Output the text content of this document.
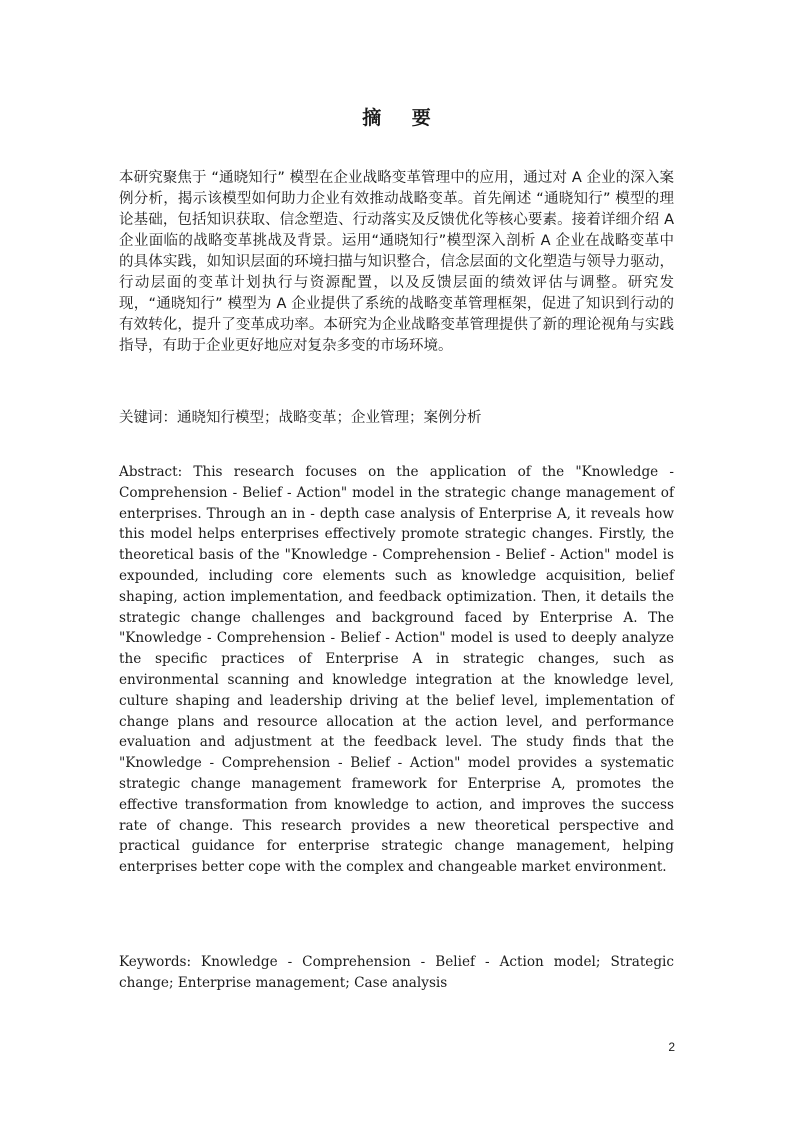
摘 要

本研究聚焦于 “通晓知行” 模型在企业战略变革管理中的应用，通过对 A 企业的深入案例分析，揭示该模型如何助力企业有效推动战略变革。首先阐述 “通晓知行” 模型的理论基础，包括知识获取、信念塑造、行动落实及反馈优化等核心要素。接着详细介绍 A 企业面临的战略变革挑战及背景。运用“通晓知行”模型深入剖析 A 企业在战略变革中的具体实践，如知识层面的环境扫描与知识整合，信念层面的文化塑造与领导力驱动，行动层面的变革计划执行与资源配置，以及反馈层面的绩效评估与调整。研究发现，“通晓知行” 模型为 A 企业提供了系统的战略变革管理框架，促进了知识到行动的有效转化，提升了变革成功率。本研究为企业战略变革管理提供了新的理论视角与实践指导，有助于企业更好地应对复杂多变的市场环境。

关键词：通晓知行模型；战略变革；企业管理；案例分析

Abstract: This research focuses on the application of the "Knowledge - Comprehension - Belief - Action" model in the strategic change management of enterprises. Through an in - depth case analysis of Enterprise A, it reveals how this model helps enterprises effectively promote strategic changes. Firstly, the theoretical basis of the "Knowledge - Comprehension - Belief - Action" model is expounded, including core elements such as knowledge acquisition, belief shaping, action implementation, and feedback optimization. Then, it details the strategic change challenges and background faced by Enterprise A. The "Knowledge - Comprehension - Belief - Action" model is used to deeply analyze the specific practices of Enterprise A in strategic changes, such as environmental scanning and knowledge integration at the knowledge level, culture shaping and leadership driving at the belief level, implementation of change plans and resource allocation at the action level, and performance evaluation and adjustment at the feedback level. The study finds that the "Knowledge - Comprehension - Belief - Action" model provides a systematic strategic change management framework for Enterprise A, promotes the effective transformation from knowledge to action, and improves the success rate of change. This research provides a new theoretical perspective and practical guidance for enterprise strategic change management, helping enterprises better cope with the complex and changeable market environment.

Keywords: Knowledge - Comprehension - Belief - Action model; Strategic change; Enterprise management; Case analysis

2
